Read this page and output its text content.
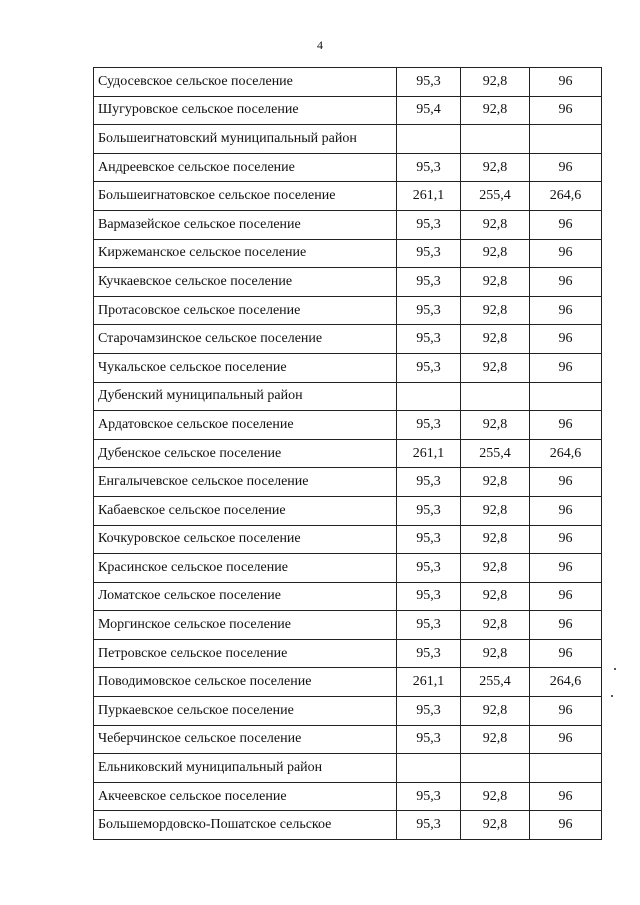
4
Судосевское сельское поселение	95,3	92,8	96
Шугуровское сельское поселение	95,4	92,8	96
Большеигнатовский муниципальный район			
Андреевское сельское поселение	95,3	92,8	96
Большеигнатовское сельское поселение	261,1	255,4	264,6
Вармазейское сельское поселение	95,3	92,8	96
Киржеманское сельское поселение	95,3	92,8	96
Кучкаевское сельское поселение	95,3	92,8	96
Протасовское сельское поселение	95,3	92,8	96
Старочамзинское сельское поселение	95,3	92,8	96
Чукальское сельское поселение	95,3	92,8	96
Дубенский муниципальный район			
Ардатовское сельское поселение	95,3	92,8	96
Дубенское сельское поселение	261,1	255,4	264,6
Енгалычевское сельское поселение	95,3	92,8	96
Кабаевское сельское поселение	95,3	92,8	96
Кочкуровское сельское поселение	95,3	92,8	96
Красинское сельское поселение	95,3	92,8	96
Ломатское сельское поселение	95,3	92,8	96
Моргинское сельское поселение	95,3	92,8	96
Петровское сельское поселение	95,3	92,8	96
Поводимовское сельское поселение	261,1	255,4	264,6
Пуркаевское сельское поселение	95,3	92,8	96
Чеберчинское сельское поселение	95,3	92,8	96
Ельниковский муниципальный район			
Акчеевское сельское поселение	95,3	92,8	96
Большемордовско-Пошатское сельское	95,3	92,8	96
